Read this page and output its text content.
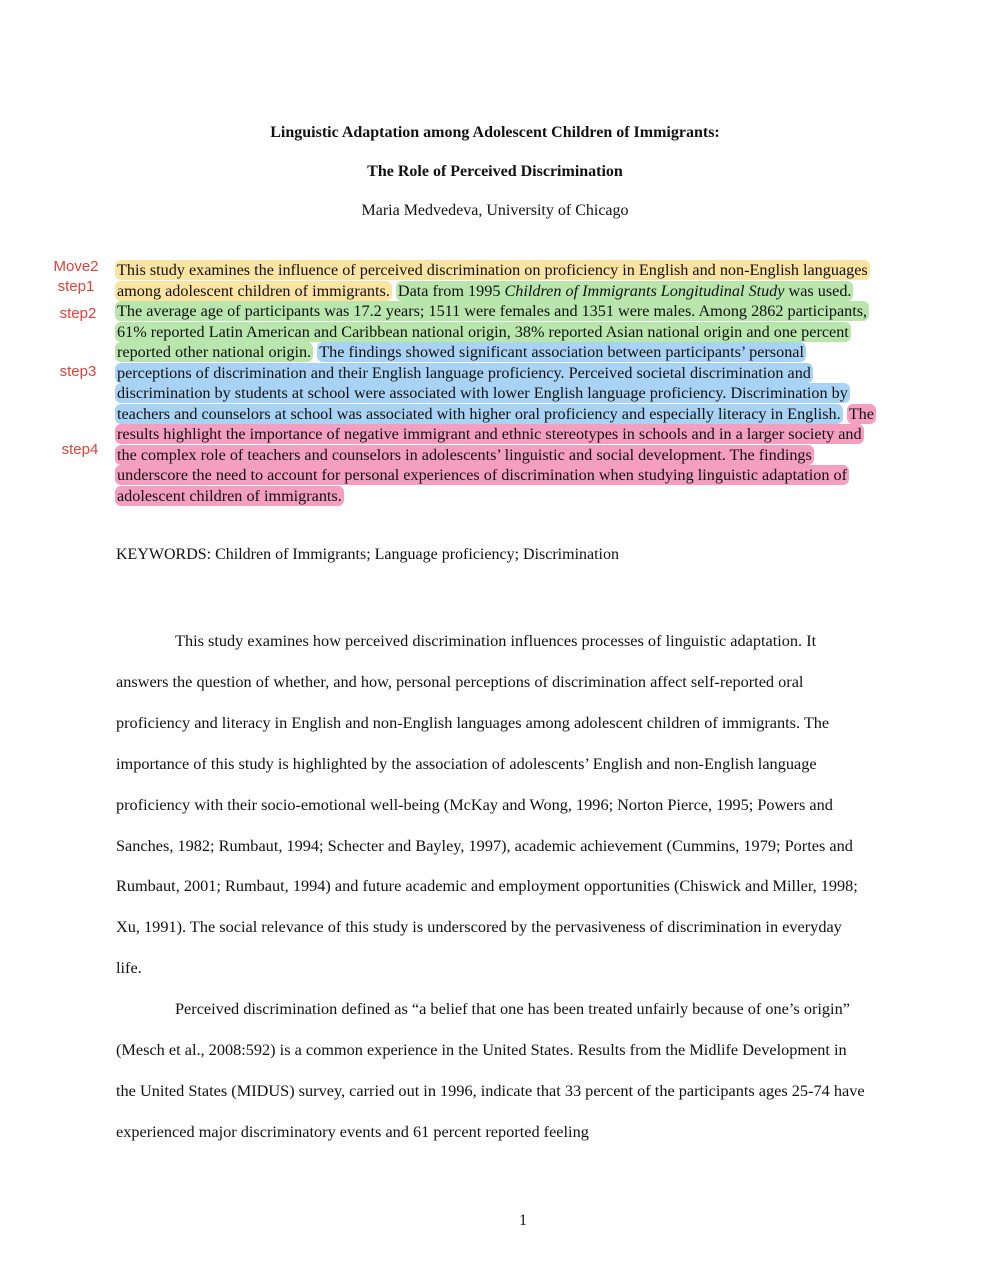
Linguistic Adaptation among Adolescent Children of Immigrants:
The Role of Perceived Discrimination
Maria Medvedeva, University of Chicago
Move2
step1
step2
step3
step4

This study examines the influence of perceived discrimination on proficiency in English and non-English languages among adolescent children of immigrants. Data from 1995 Children of Immigrants Longitudinal Study was used. The average age of participants was 17.2 years; 1511 were females and 1351 were males. Among 2862 participants, 61% reported Latin American and Caribbean national origin, 38% reported Asian national origin and one percent reported other national origin. The findings showed significant association between participants’ personal perceptions of discrimination and their English language proficiency. Perceived societal discrimination and discrimination by students at school were associated with lower English language proficiency. Discrimination by teachers and counselors at school was associated with higher oral proficiency and especially literacy in English. The results highlight the importance of negative immigrant and ethnic stereotypes in schools and in a larger society and the complex role of teachers and counselors in adolescents’ linguistic and social development. The findings underscore the need to account for personal experiences of discrimination when studying linguistic adaptation of adolescent children of immigrants.

KEYWORDS: Children of Immigrants; Language proficiency; Discrimination

This study examines how perceived discrimination influences processes of linguistic adaptation. It answers the question of whether, and how, personal perceptions of discrimination affect self-reported oral proficiency and literacy in English and non-English languages among adolescent children of immigrants. The importance of this study is highlighted by the association of adolescents’ English and non-English language proficiency with their socio-emotional well-being (McKay and Wong, 1996; Norton Pierce, 1995; Powers and Sanches, 1982; Rumbaut, 1994; Schecter and Bayley, 1997), academic achievement (Cummins, 1979; Portes and Rumbaut, 2001; Rumbaut, 1994) and future academic and employment opportunities (Chiswick and Miller, 1998; Xu, 1991). The social relevance of this study is underscored by the pervasiveness of discrimination in everyday life.

Perceived discrimination defined as “a belief that one has been treated unfairly because of one’s origin” (Mesch et al., 2008:592) is a common experience in the United States. Results from the Midlife Development in the United States (MIDUS) survey, carried out in 1996, indicate that 33 percent of the participants ages 25-74 have experienced major discriminatory events and 61 percent reported feeling

1
